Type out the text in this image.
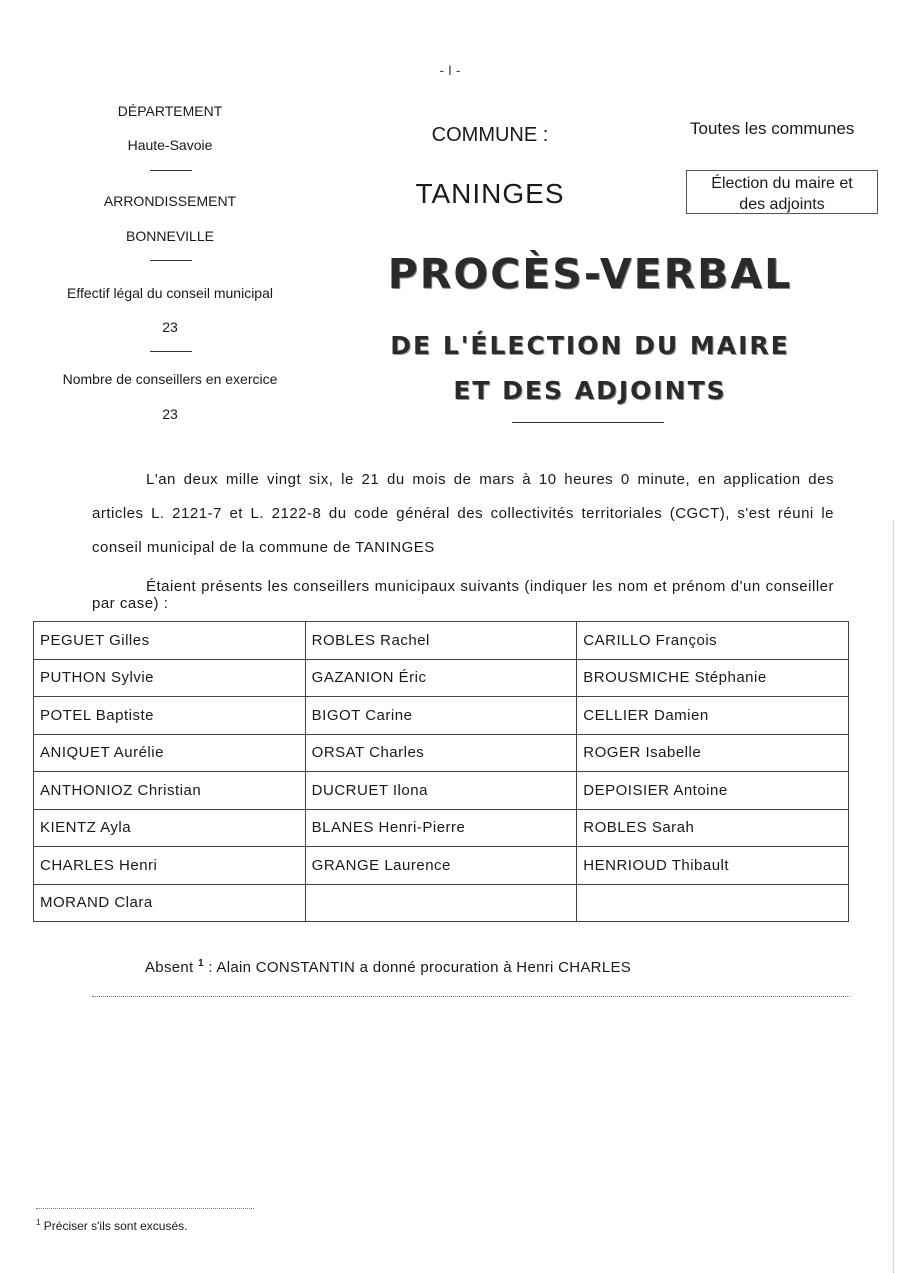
- I -
DÉPARTEMENT
Haute-Savoie
ARRONDISSEMENT
BONNEVILLE
Effectif légal du conseil municipal
23
Nombre de conseillers en exercice
23
COMMUNE :
TANINGES
Toutes les communes
Élection du maire et
des adjoints
PROCÈS-VERBAL
DE L'ÉLECTION DU MAIRE
ET DES ADJOINTS
L'an deux mille vingt six, le 21 du mois de mars à 10 heures 0 minute, en application des articles L. 2121-7 et L. 2122-8 du code général des collectivités territoriales (CGCT), s'est réuni le conseil municipal de la commune de TANINGES
Étaient présents les conseillers municipaux suivants (indiquer les nom et prénom d'un conseiller par case) :
PEGUET Gilles	ROBLES Rachel	CARILLO François
PUTHON Sylvie	GAZANION Éric	BROUSMICHE Stéphanie
POTEL Baptiste	BIGOT Carine	CELLIER Damien
ANIQUET Aurélie	ORSAT Charles	ROGER Isabelle
ANTHONIOZ Christian	DUCRUET Ilona	DEPOISIER Antoine
KIENTZ Ayla	BLANES Henri-Pierre	ROBLES Sarah
CHARLES Henri	GRANGE Laurence	HENRIOUD Thibault
MORAND Clara		
Absent $^1$ : Alain CONSTANTIN a donné procuration à Henri CHARLES
$^1$ Préciser s'ils sont excusés.
